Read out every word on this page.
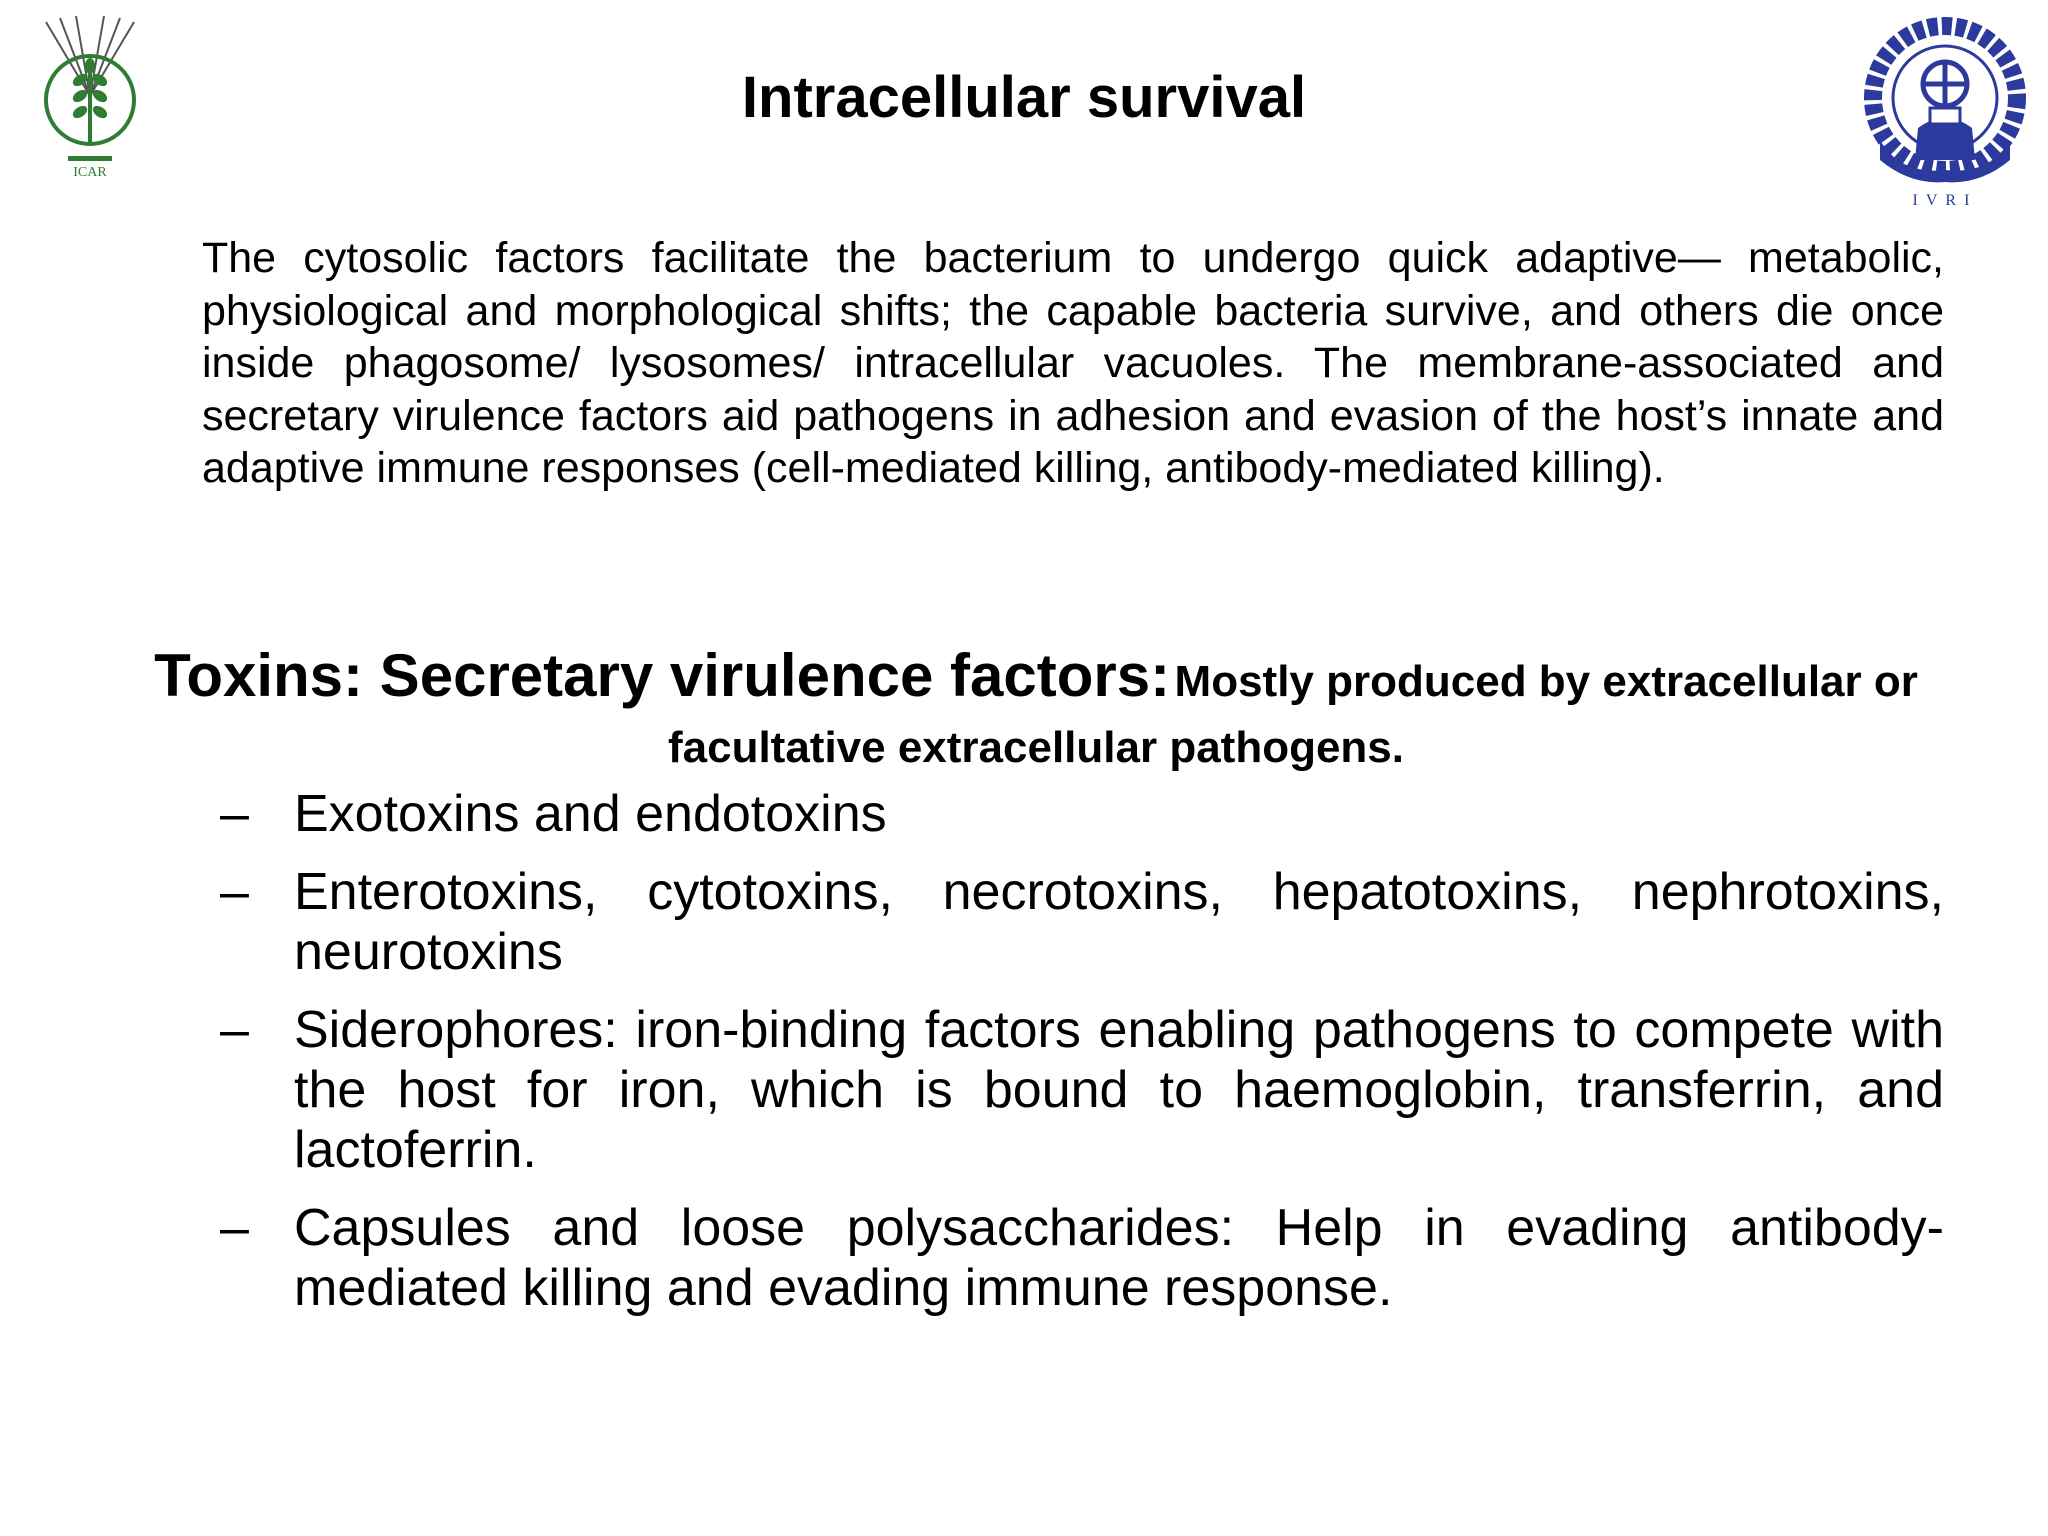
ICAR
IVRI
Intracellular survival

The cytosolic factors facilitate the bacterium to undergo quick adaptive— metabolic, physiological and morphological shifts; the capable bacteria survive, and others die once inside phagosome/ lysosomes/ intracellular vacuoles. The membrane-associated and secretary virulence factors aid pathogens in adhesion and evasion of the host’s innate and adaptive immune responses (cell-mediated killing, antibody-mediated killing).

Toxins: Secretary virulence factors: Mostly produced by extracellular or facultative extracellular pathogens.
– Exotoxins and endotoxins
– Enterotoxins, cytotoxins, necrotoxins, hepatotoxins, nephrotoxins, neurotoxins
– Siderophores: iron-binding factors enabling pathogens to compete with the host for iron, which is bound to haemoglobin, transferrin, and lactoferrin.
– Capsules and loose polysaccharides: Help in evading antibody-mediated killing and evading immune response.
